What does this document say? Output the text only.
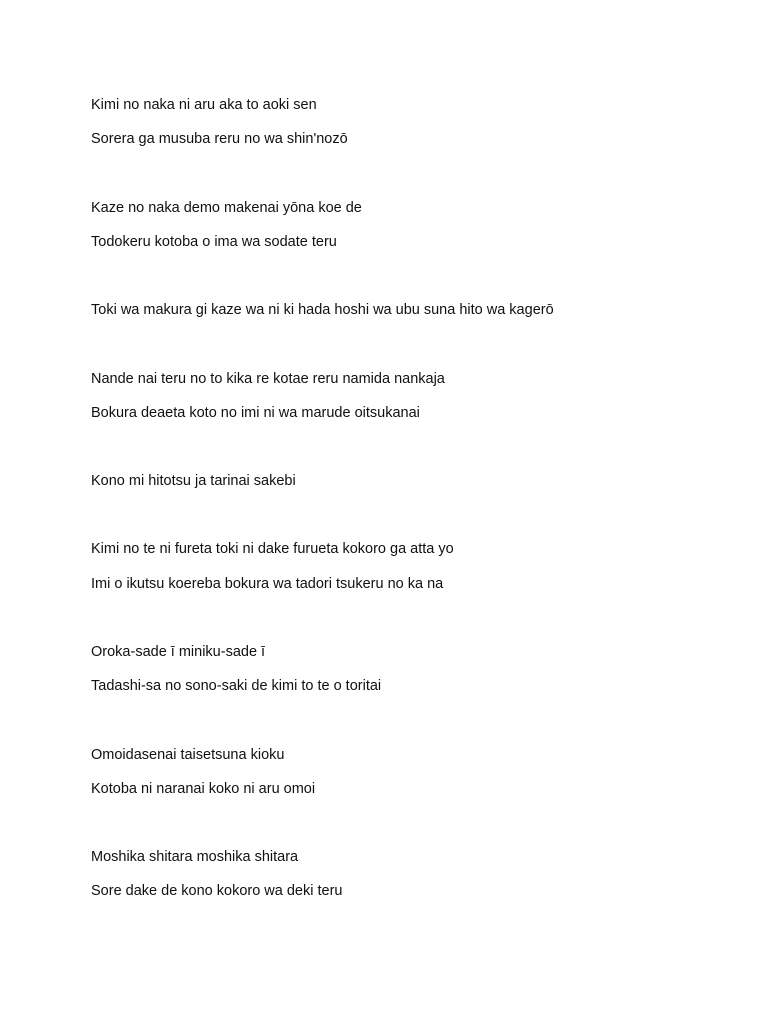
Kimi no naka ni aru aka to aoki sen
Sorera ga musuba reru no wa shin'nozō
Kaze no naka demo makenai yōna koe de
Todokeru kotoba o ima wa sodate teru
Toki wa makura gi kaze wa ni ki hada hoshi wa ubu suna hito wa kagerō
Nande nai teru no to kika re kotae reru namida nankaja
Bokura deaeta koto no imi ni wa marude oitsukanai
Kono mi hitotsu ja tarinai sakebi
Kimi no te ni fureta toki ni dake furueta kokoro ga atta yo
Imi o ikutsu koereba bokura wa tadori tsukeru no ka na
Oroka-sade ī miniku-sade ī
Tadashi-sa no sono-saki de kimi to te o toritai
Omoidasenai taisetsuna kioku
Kotoba ni naranai koko ni aru omoi
Moshika shitara moshika shitara
Sore dake de kono kokoro wa deki teru
